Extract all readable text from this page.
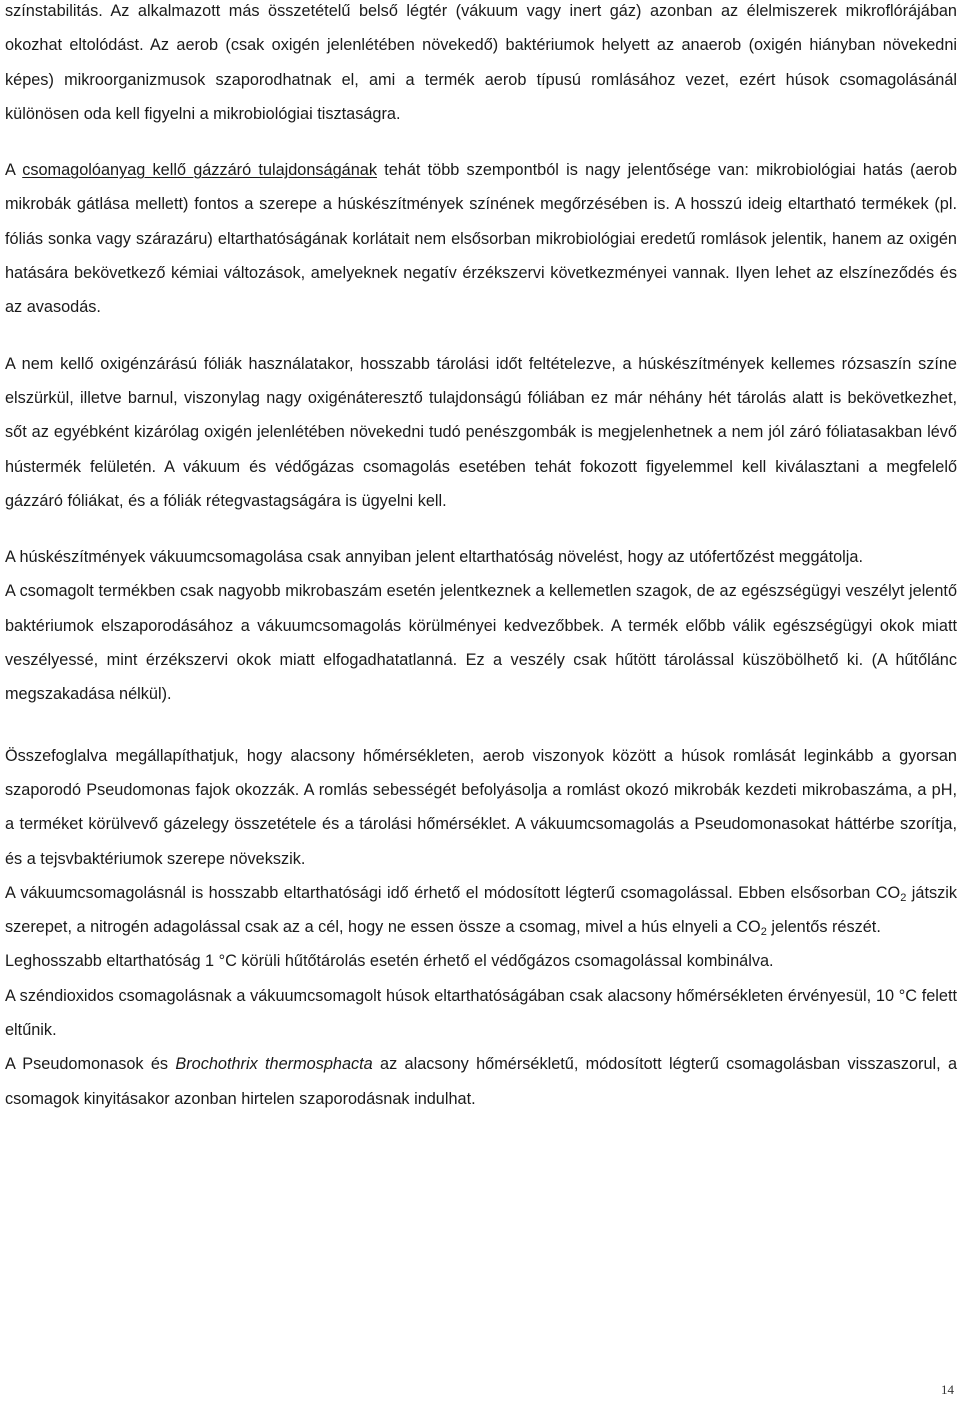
színstabilitás. Az alkalmazott más összetételű belső légtér (vákuum vagy inert gáz) azonban az élelmiszerek mikroflórájában okozhat eltolódást. Az aerob (csak oxigén jelenlétében növekedő) baktériumok helyett az anaerob (oxigén hiányban növekedni képes) mikroorganizmusok szaporodhatnak el, ami a termék aerob típusú romlásához vezet, ezért húsok csomagolásánál különösen oda kell figyelni a mikrobiológiai tisztaságra.

A csomagolóanyag kellő gázzáró tulajdonságának tehát több szempontból is nagy jelentősége van: mikrobiológiai hatás (aerob mikrobák gátlása mellett) fontos a szerepe a húskészítmények színének megőrzésében is. A hosszú ideig eltartható termékek (pl. fóliás sonka vagy szárazáru) eltarthatóságának korlátait nem elsősorban mikrobiológiai eredetű romlások jelentik, hanem az oxigén hatására bekövetkező kémiai változások, amelyeknek negatív érzékszervi következményei vannak. Ilyen lehet az elszíneződés és az avasodás.

A nem kellő oxigénzárású fóliák használatakor, hosszabb tárolási időt feltételezve, a húskészítmények kellemes rózsaszín színe elszürkül, illetve barnul, viszonylag nagy oxigénáteresztő tulajdonságú fóliában ez már néhány hét tárolás alatt is bekövetkezhet, sőt az egyébként kizárólag oxigén jelenlétében növekedni tudó penészgombák is megjelenhetnek a nem jól záró fóliatasakban lévő hústermék felületén. A vákuum és védőgázas csomagolás esetében tehát fokozott figyelemmel kell kiválasztani a megfelelő gázzáró fóliákat, és a fóliák rétegvastagságára is ügyelni kell.

A húskészítmények vákuumcsomagolása csak annyiban jelent eltarthatóság növelést, hogy az utófertőzést meggátolja.

A csomagolt termékben csak nagyobb mikrobaszám esetén jelentkeznek a kellemetlen szagok, de az egészségügyi veszélyt jelentő baktériumok elszaporodásához a vákuumcsomagolás körülményei kedvezőbbek. A termék előbb válik egészségügyi okok miatt veszélyessé, mint érzékszervi okok miatt elfogadhatatlanná. Ez a veszély csak hűtött tárolással küszöbölhető ki. (A hűtőlánc megszakadása nélkül).

Összefoglalva megállapíthatjuk, hogy alacsony hőmérsékleten, aerob viszonyok között a húsok romlását leginkább a gyorsan szaporodó Pseudomonas fajok okozzák. A romlás sebességét befolyásolja a romlást okozó mikrobák kezdeti mikrobaszáma, a pH, a terméket körülvevő gázelegy összetétele és a tárolási hőmérséklet. A vákuumcsomagolás a Pseudomonasokat háttérbe szorítja, és a tejsvbaktériumok szerepe növekszik.

A vákuumcsomagolásnál is hosszabb eltarthatósági idő érhető el módosított légterű csomagolással. Ebben elsősorban $CO_2$ játszik szerepet, a nitrogén adagolással csak az a cél, hogy ne essen össze a csomag, mivel a hús elnyeli a $CO_2$ jelentős részét.

Leghosszabb eltarthatóság 1 °C körüli hűtőtárolás esetén érhető el védőgázos csomagolással kombinálva.

A széndioxidos csomagolásnak a vákuumcsomagolt húsok eltarthatóságában csak alacsony hőmérsékleten érvényesül, 10 °C felett eltűnik.

A Pseudomonasok és Brochothrix thermosphacta az alacsony hőmérsékletű, módosított légterű csomagolásban visszaszorul, a csomagok kinyitásakor azonban hirtelen szaporodásnak indulhat.

14
